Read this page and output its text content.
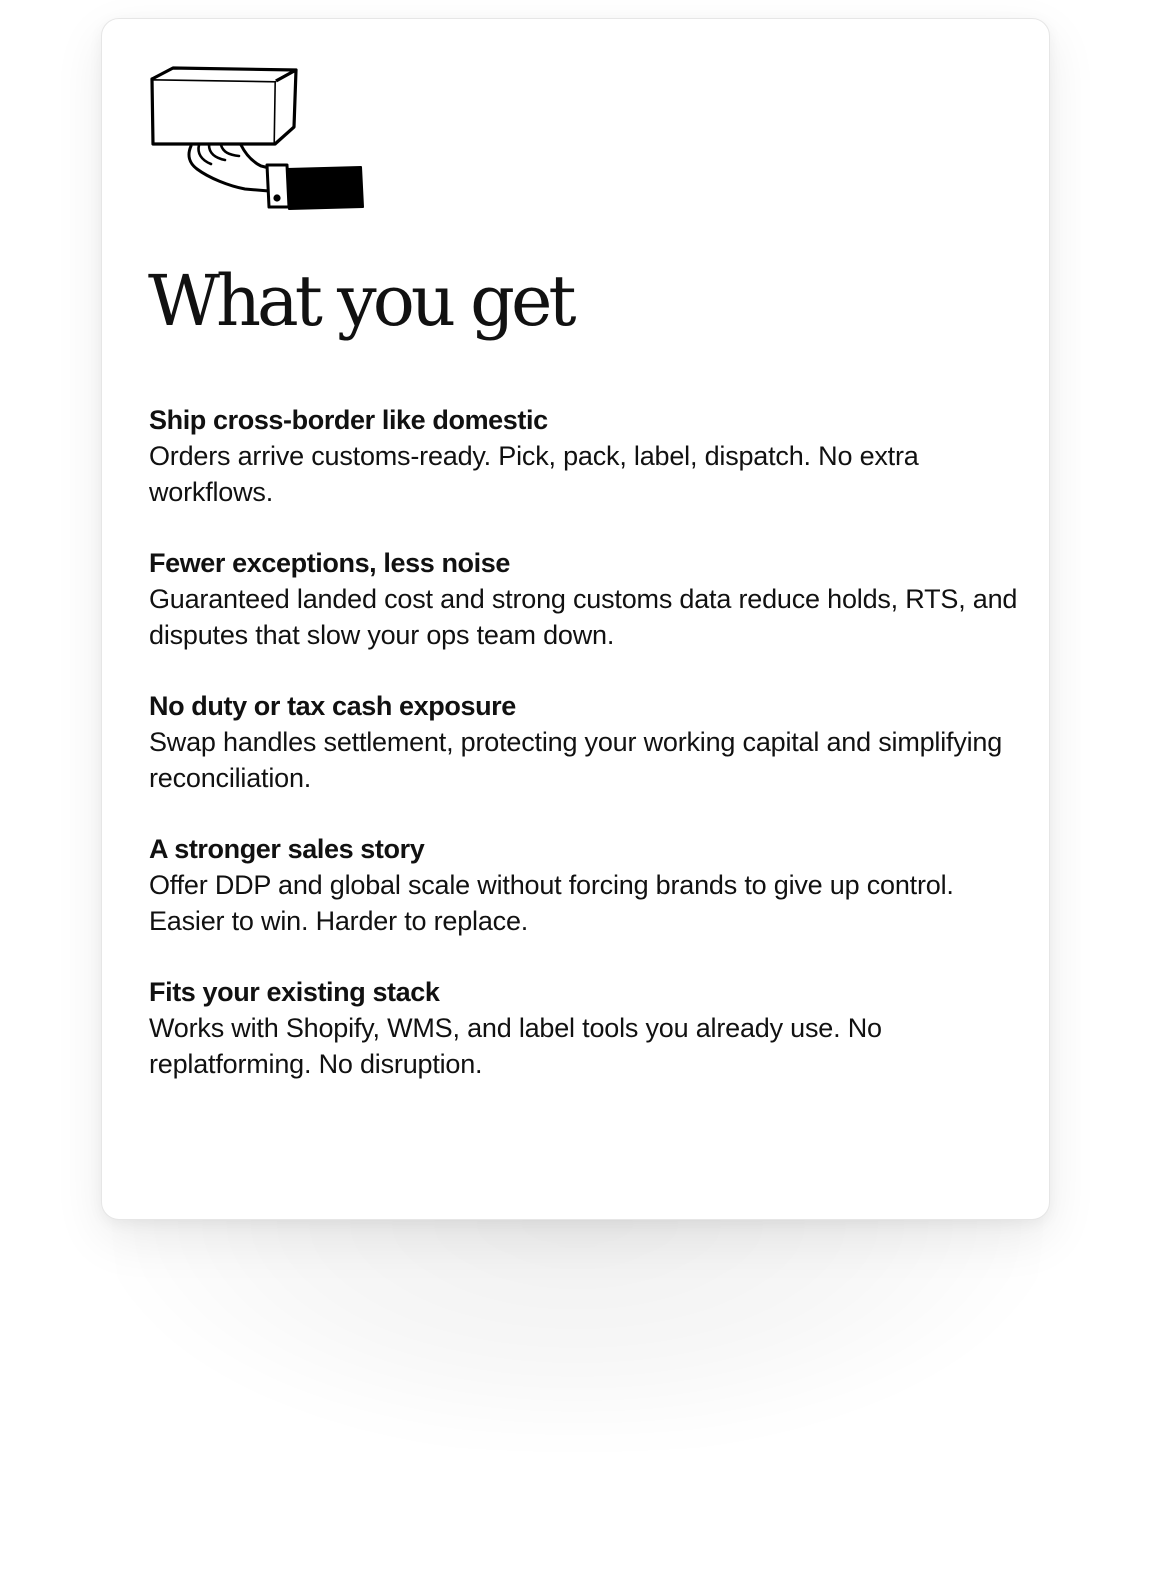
What you get
Ship cross-border like domestic
Orders arrive customs-ready. Pick, pack, label, dispatch. No extra workflows.
Fewer exceptions, less noise
Guaranteed landed cost and strong customs data reduce holds, RTS, and disputes that slow your ops team down.
No duty or tax cash exposure
Swap handles settlement, protecting your working capital and simplifying reconciliation.
A stronger sales story
Offer DDP and global scale without forcing brands to give up control. Easier to win. Harder to replace.
Fits your existing stack
Works with Shopify, WMS, and label tools you already use. No replatforming. No disruption.
